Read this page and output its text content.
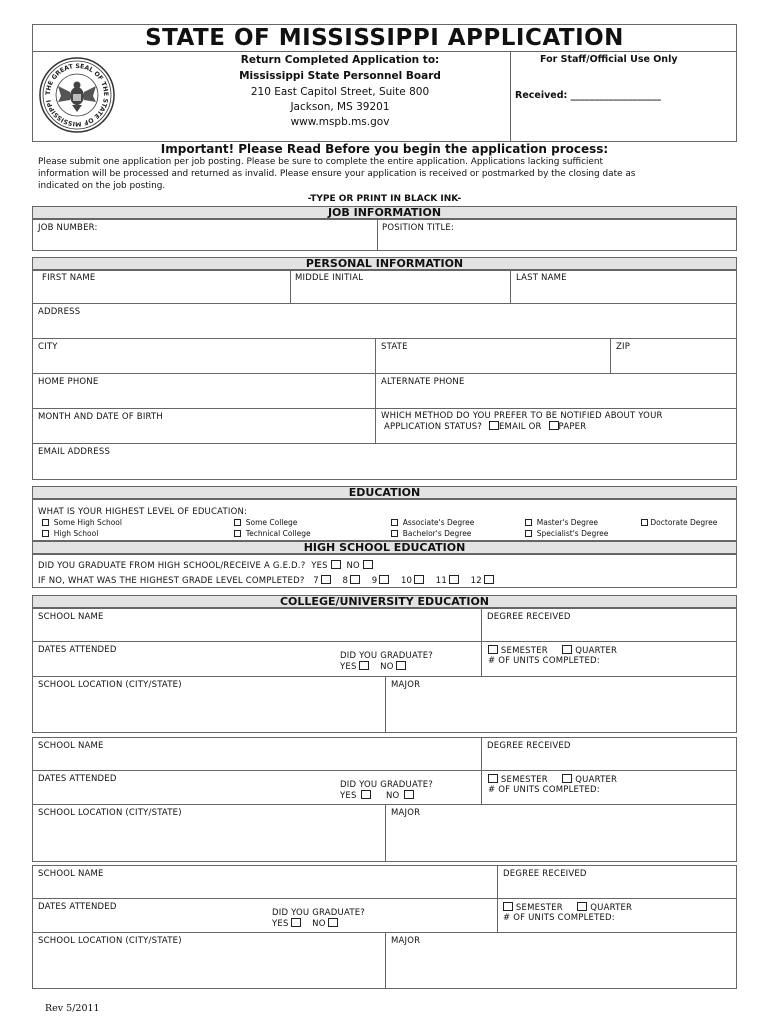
STATE OF MISSISSIPPI APPLICATION
THE GREAT SEAL OF THE STATE OF MISSISSIPPI
Return Completed Application to:
Mississippi State Personnel Board
210 East Capitol Street, Suite 800
Jackson, MS 39201
www.mspb.ms.gov
For Staff/Official Use Only
Received: ___________________
Important! Please Read Before you begin the application process:
Please submit one application per job posting. Please be sure to complete the entire application. Applications lacking sufficient
information will be processed and returned as invalid. Please ensure your application is received or postmarked by the closing date as
indicated on the job posting.
-TYPE OR PRINT IN BLACK INK-
JOB INFORMATION
JOB NUMBER:	POSITION TITLE:
PERSONAL INFORMATION
FIRST NAME	MIDDLE INITIAL	LAST NAME
ADDRESS
CITY	STATE	ZIP
HOME PHONE	ALTERNATE PHONE
MONTH AND DATE OF BIRTH	WHICH METHOD DO YOU PREFER TO BE NOTIFIED ABOUT YOUR
APPLICATION STATUS? EMAIL OR PAPER
EMAIL ADDRESS
EDUCATION
WHAT IS YOUR HIGHEST LEVEL OF EDUCATION:
Some High School
High School
Some College
Technical College
Associate's Degree
Bachelor's Degree
Master's Degree
Specialist's Degree
Doctorate Degree
HIGH SCHOOL EDUCATION
DID YOU GRADUATE FROM HIGH SCHOOL/RECEIVE A G.E.D.? YES NO
IF NO, WHAT WAS THE HIGHEST GRADE LEVEL COMPLETED? 7	8	9	10	11	12
COLLEGE/UNIVERSITY EDUCATION
SCHOOL NAME	DEGREE RECEIVED
DATES ATTENDED
DID YOU GRADUATE?
YES	NO
SEMESTER	QUARTER
# OF UNITS COMPLETED:
SCHOOL LOCATION (CITY/STATE)	MAJOR
SCHOOL NAME	DEGREE RECEIVED
DATES ATTENDED
DID YOU GRADUATE?
YES	NO
SEMESTER	QUARTER
# OF UNITS COMPLETED:
SCHOOL LOCATION (CITY/STATE)	MAJOR
SCHOOL NAME	DEGREE RECEIVED
DATES ATTENDED
DID YOU GRADUATE?
YES	NO
SEMESTER	QUARTER
# OF UNITS COMPLETED:
SCHOOL LOCATION (CITY/STATE)	MAJOR
Rev 5/2011
